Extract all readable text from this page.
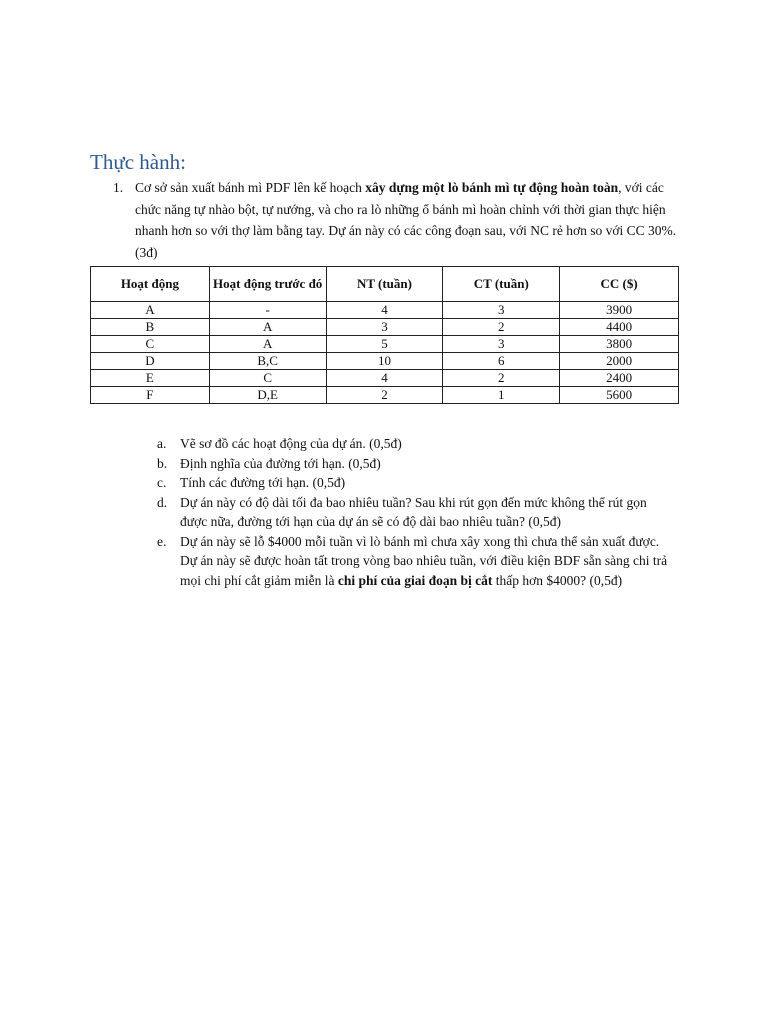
Thực hành:
1. Cơ sở sản xuất bánh mì PDF lên kế hoạch xây dựng một lò bánh mì tự động hoàn toàn, với các chức năng tự nhào bột, tự nướng, và cho ra lò những ổ bánh mì hoàn chỉnh với thời gian thực hiện nhanh hơn so với thợ làm bằng tay. Dự án này có các công đoạn sau, với NC rẻ hơn so với CC 30%. (3đ)
Hoạt động	Hoạt động trước đó	NT (tuần)	CT (tuần)	CC ($)
A	-	4	3	3900
B	A	3	2	4400
C	A	5	3	3800
D	B,C	10	6	2000
E	C	4	2	2400
F	D,E	2	1	5600
a. Vẽ sơ đồ các hoạt động của dự án. (0,5đ)
b. Định nghĩa của đường tới hạn. (0,5đ)
c. Tính các đường tới hạn. (0,5đ)
d. Dự án này có độ dài tối đa bao nhiêu tuần? Sau khi rút gọn đến mức không thể rút gọn được nữa, đường tới hạn của dự án sẽ có độ dài bao nhiêu tuần? (0,5đ)
e. Dự án này sẽ lỗ $4000 mỗi tuần vì lò bánh mì chưa xây xong thì chưa thể sản xuất được. Dự án này sẽ được hoàn tất trong vòng bao nhiêu tuần, với điều kiện BDF sẵn sàng chi trả mọi chi phí cắt giảm miễn là chi phí của giai đoạn bị cắt thấp hơn $4000? (0,5đ)
